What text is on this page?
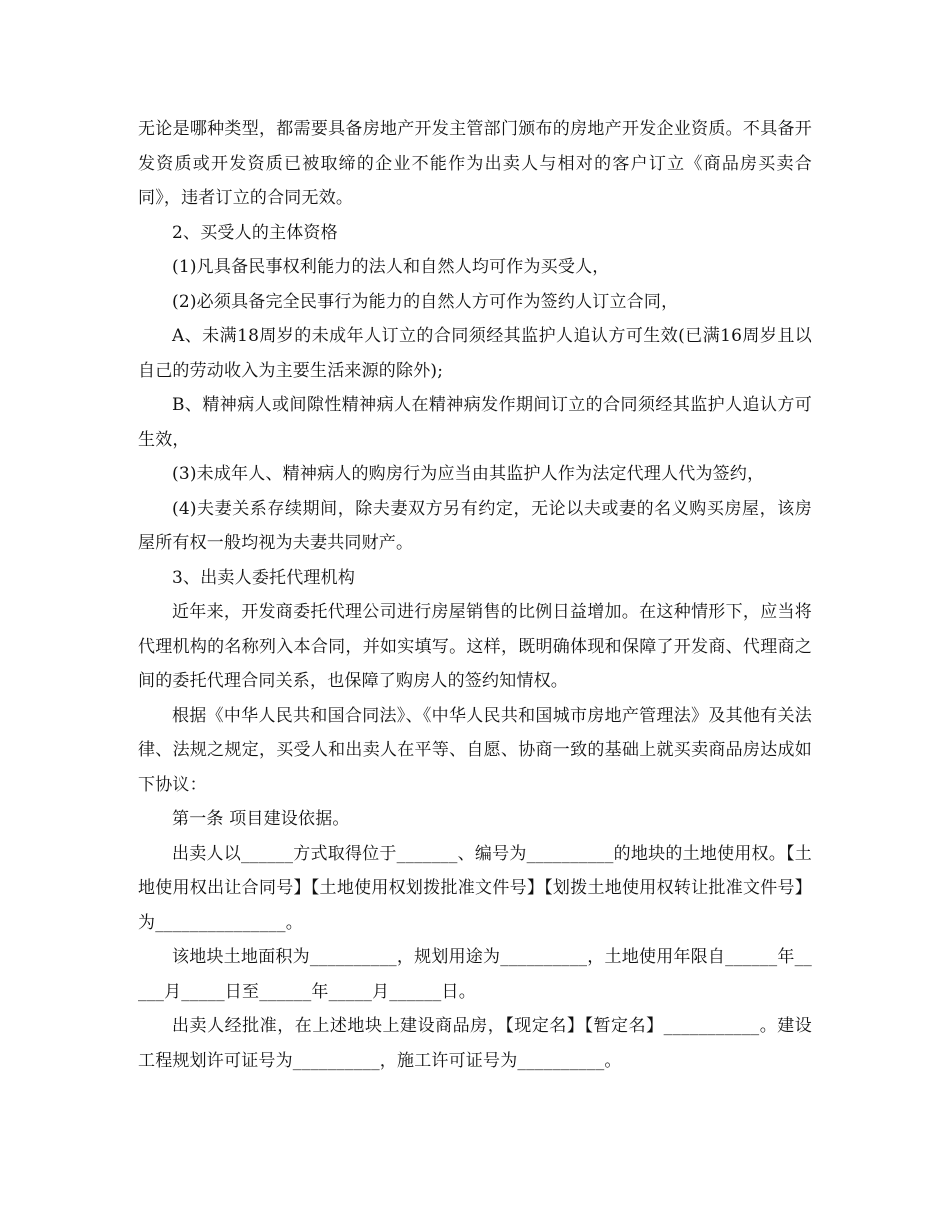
无论是哪种类型，都需要具备房地产开发主管部门颁布的房地产开发企业资质。不具备开发资质或开发资质已被取缔的企业不能作为出卖人与相对的客户订立《商品房买卖合同》，违者订立的合同无效。

2、买受人的主体资格

(1)凡具备民事权利能力的法人和自然人均可作为买受人，

(2)必须具备完全民事行为能力的自然人方可作为签约人订立合同，

A、未满18周岁的未成年人订立的合同须经其监护人追认方可生效(已满16周岁且以自己的劳动收入为主要生活来源的除外);

B、精神病人或间隙性精神病人在精神病发作期间订立的合同须经其监护人追认方可生效，

(3)未成年人、精神病人的购房行为应当由其监护人作为法定代理人代为签约，

(4)夫妻关系存续期间，除夫妻双方另有约定，无论以夫或妻的名义购买房屋，该房屋所有权一般均视为夫妻共同财产。

3、出卖人委托代理机构

近年来，开发商委托代理公司进行房屋销售的比例日益增加。在这种情形下，应当将代理机构的名称列入本合同，并如实填写。这样，既明确体现和保障了开发商、代理商之间的委托代理合同关系，也保障了购房人的签约知情权。

根据《中华人民共和国合同法》、《中华人民共和国城市房地产管理法》及其他有关法律、法规之规定，买受人和出卖人在平等、自愿、协商一致的基础上就买卖商品房达成如下协议：

第一条 项目建设依据。

出卖人以______方式取得位于_______、编号为__________的地块的土地使用权。【土地使用权出让合同号】【土地使用权划拨批准文件号】【划拨土地使用权转让批准文件号】为_______________。

该地块土地面积为__________，规划用途为__________，土地使用年限自______年_____月_____日至______年_____月______日。

出卖人经批准，在上述地块上建设商品房，【现定名】【暂定名】___________。建设工程规划许可证号为__________，施工许可证号为__________。
